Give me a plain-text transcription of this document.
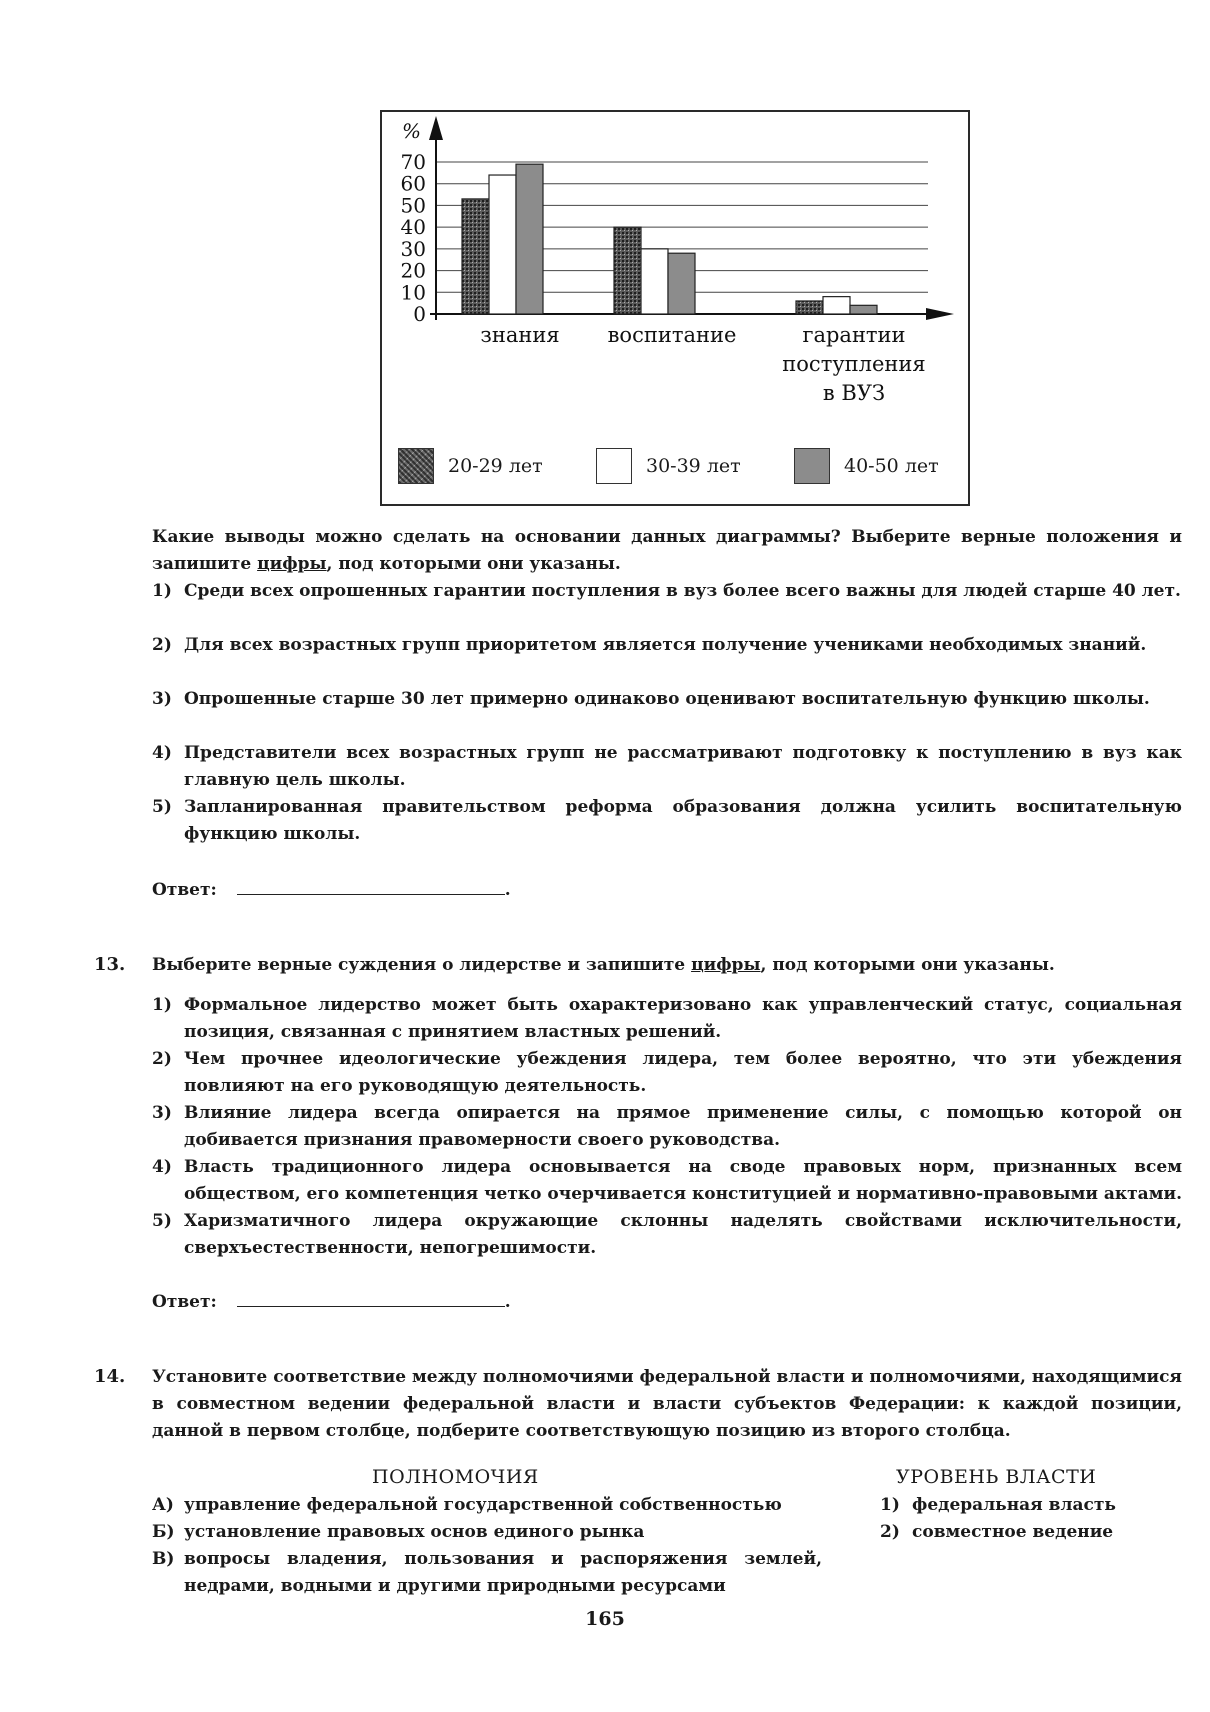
%
70
60
50
40
30
20
10
0
знания воспитание	гарантии
поступления
в ВУЗ
20-29 лет	30-39 лет	40-50 лет
Какие выводы можно сделать на основании данных диаграммы? Выберите верные положения и запишите цифры, под которыми они указаны.
1) Среди всех опрошенных гарантии поступления в вуз более всего важны для людей старше 40 лет.
2) Для всех возрастных групп приоритетом является получение учениками необходимых знаний.
3) Опрошенные старше 30 лет примерно одинаково оценивают воспитательную функцию школы.
4) Представители всех возрастных групп не рассматривают подготовку к поступлению в вуз как главную цель школы.
5) Запланированная правительством реформа образования должна усилить воспитательную функцию школы.
Ответ:	.
13. Выберите верные суждения о лидерстве и запишите цифры, под которыми они указаны.
1) Формальное лидерство может быть охарактеризовано как управленческий статус, социальная позиция, связанная с принятием властных решений.
2) Чем прочнее идеологические убеждения лидера, тем более вероятно, что эти убеждения повлияют на его руководящую деятельность.
3) Влияние лидера всегда опирается на прямое применение силы, с помощью которой он добивается признания правомерности своего руководства.
4) Власть традиционного лидера основывается на своде правовых норм, признанных всем обществом, его компетенция четко очерчивается конституцией и нормативно-правовыми актами.
5) Харизматичного лидера окружающие склонны наделять свойствами исключительности, сверхъестественности, непогрешимости.
Ответ:	.
14. Установите соответствие между полномочиями федеральной власти и полномочиями, находящимися в совместном ведении федеральной власти и власти субъектов Федерации: к каждой позиции, данной в первом столбце, подберите соответствующую позицию из второго столбца.
ПОЛНОМОЧИЯ	УРОВЕНЬ ВЛАСТИ
А) управление федеральной государственной собственностью
Б) установление правовых основ единого рынка
В) вопросы владения, пользования и распоряжения землей, недрами, водными и другими природными ресурсами
1) федеральная власть
2) совместное ведение
165
